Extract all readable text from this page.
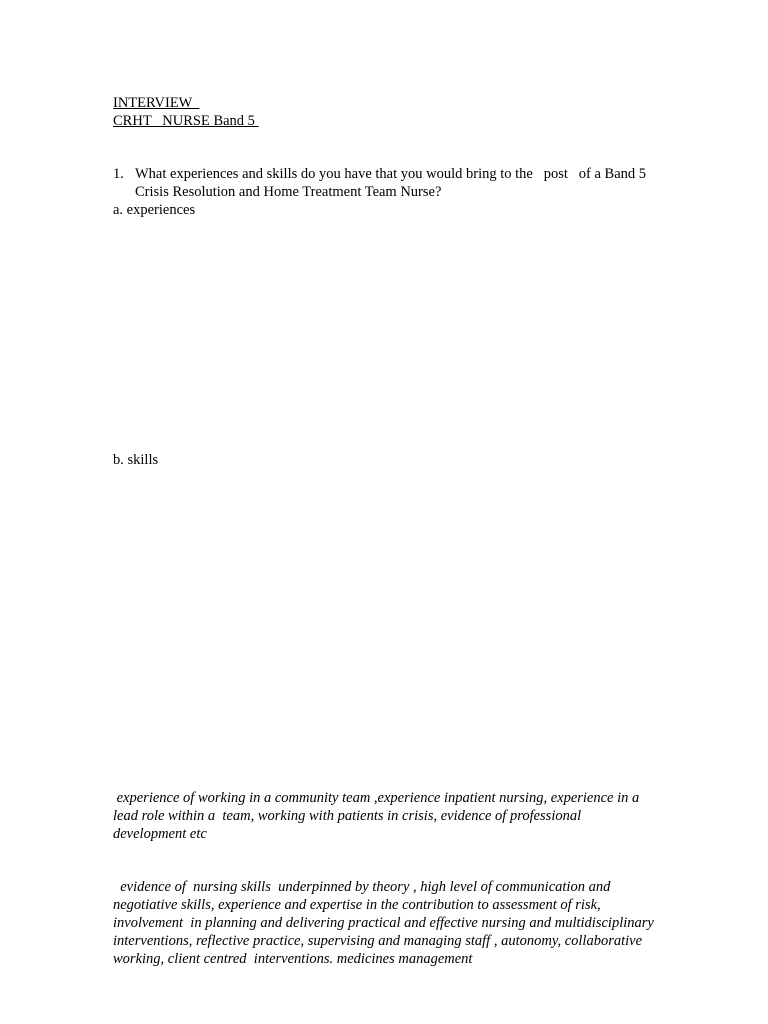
INTERVIEW
CRHT   NURSE Band 5
1. What experiences and skills do you have that you would bring to the   post   of a Band 5 Crisis Resolution and Home Treatment Team Nurse?
a. experiences
b. skills

experience of working in a community team ,experience inpatient nursing, experience in a lead role within a  team, working with patients in crisis, evidence of professional development etc

evidence of  nursing skills  underpinned by theory , high level of communication and negotiative skills, experience and expertise in the contribution to assessment of risk, involvement  in planning and delivering practical and effective nursing and multidisciplinary interventions, reflective practice, supervising and managing staff , autonomy, collaborative working, client centred  interventions. medicines management
